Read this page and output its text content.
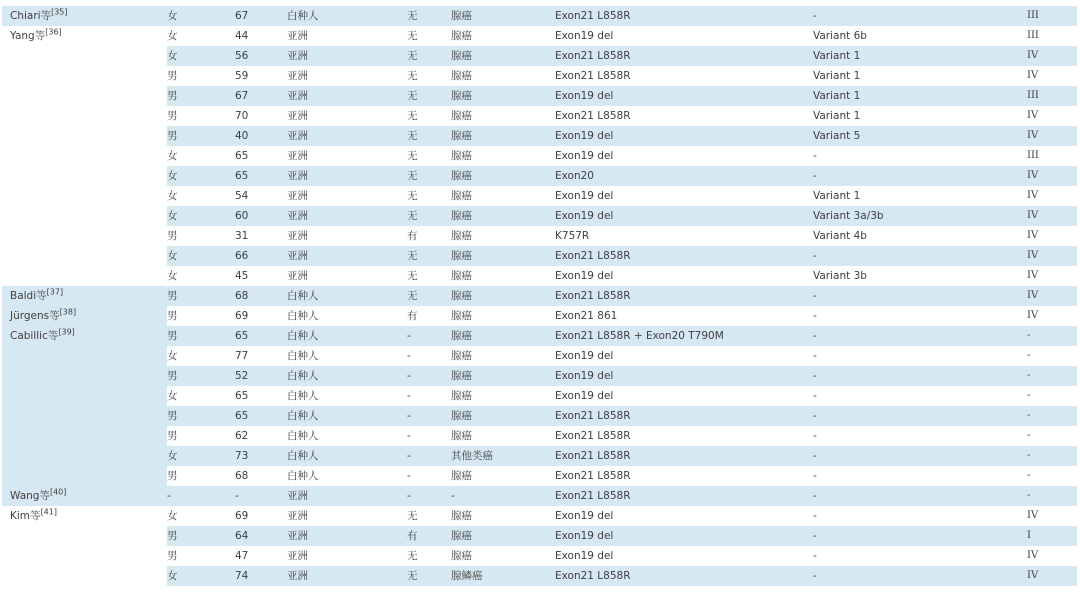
Chiari等[35]	女	67	白种人	无	腺癌	Exon21 L858R	-	III
Yang等[36]	女	44	亚洲	无	腺癌	Exon19 del	Variant 6b	III
	女	56	亚洲	无	腺癌	Exon21 L858R	Variant 1	IV
	男	59	亚洲	无	腺癌	Exon21 L858R	Variant 1	IV
	男	67	亚洲	无	腺癌	Exon19 del	Variant 1	III
	男	70	亚洲	无	腺癌	Exon21 L858R	Variant 1	IV
	男	40	亚洲	无	腺癌	Exon19 del	Variant 5	IV
	女	65	亚洲	无	腺癌	Exon19 del	-	III
	女	65	亚洲	无	腺癌	Exon20	-	IV
	女	54	亚洲	无	腺癌	Exon19 del	Variant 1	IV
	女	60	亚洲	无	腺癌	Exon19 del	Variant 3a/3b	IV
	男	31	亚洲	有	腺癌	K757R	Variant 4b	IV
	女	66	亚洲	无	腺癌	Exon21 L858R	-	IV
	女	45	亚洲	无	腺癌	Exon19 del	Variant 3b	IV
Baldi等[37]	男	68	白种人	无	腺癌	Exon21 L858R	-	IV
Jürgens等[38]	男	69	白种人	有	腺癌	Exon21 861	-	IV
Cabillic等[39]	男	65	白种人	-	腺癌	Exon21 L858R + Exon20 T790M	-	-
	女	77	白种人	-	腺癌	Exon19 del	-	-
	男	52	白种人	-	腺癌	Exon19 del	-	-
	女	65	白种人	-	腺癌	Exon19 del	-	-
	男	65	白种人	-	腺癌	Exon21 L858R	-	-
	男	62	白种人	-	腺癌	Exon21 L858R	-	-
	女	73	白种人	-	其他类癌	Exon21 L858R	-	-
	男	68	白种人	-	腺癌	Exon21 L858R	-	-
Wang等[40]	-	-	亚洲	-	-	Exon21 L858R	-	-
Kim等[41]	女	69	亚洲	无	腺癌	Exon19 del	-	IV
	男	64	亚洲	有	腺癌	Exon19 del	-	I
	男	47	亚洲	无	腺癌	Exon19 del	-	IV
	女	74	亚洲	无	腺鳞癌	Exon21 L858R	-	IV
